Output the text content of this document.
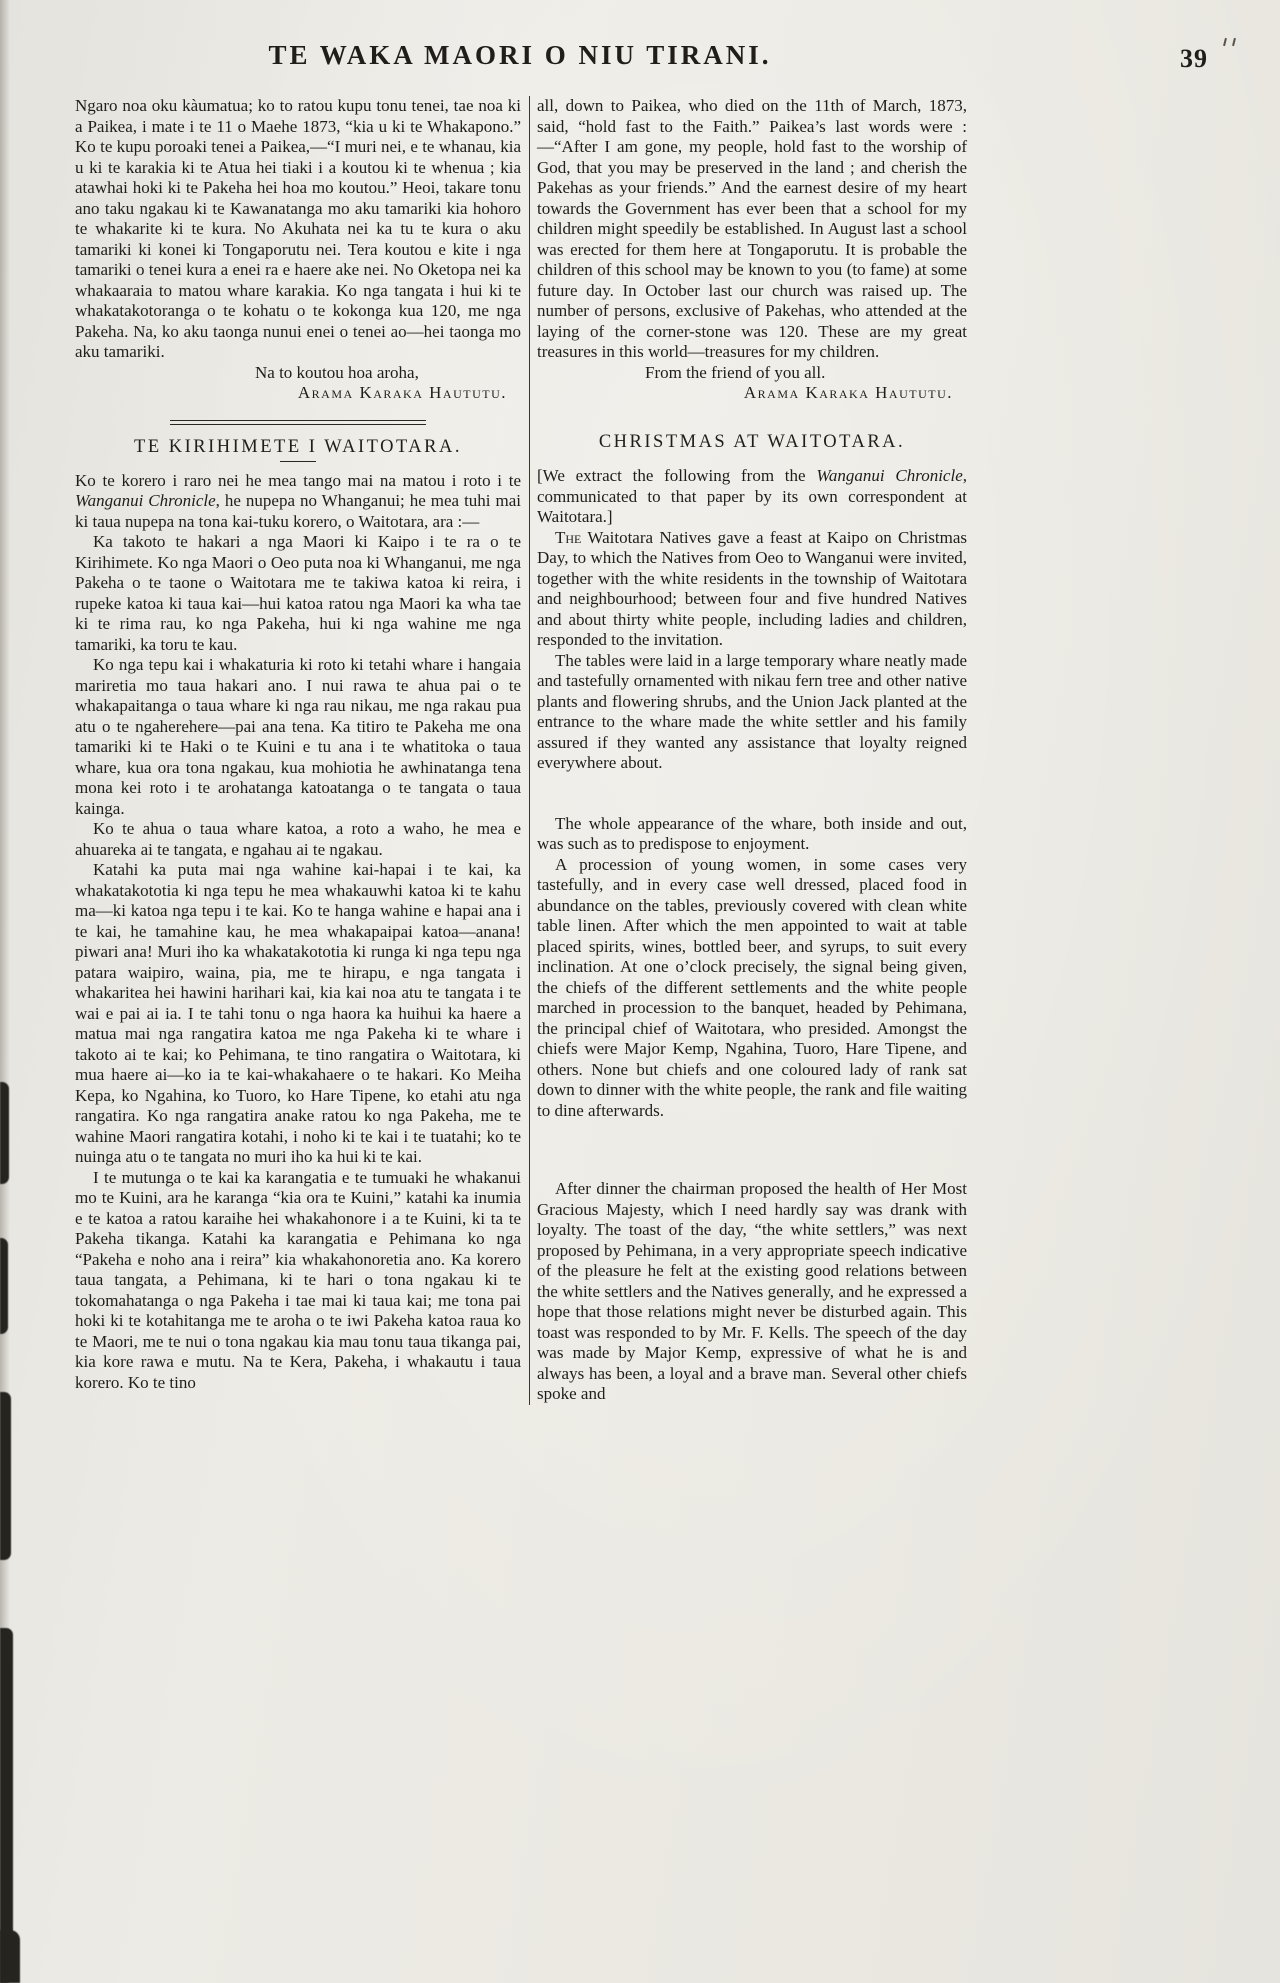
TE WAKA MAORI O NIU TIRANI.	39

Ngaro noa oku kàumatua; ko to ratou kupu tonu tenei, tae noa ki a Paikea, i mate i te 11 o Maehe 1873, “kia u ki te Whakapono.” Ko te kupu poroaki tenei a Paikea,—“I muri nei, e te whanau, kia u ki te karakia ki te Atua hei tiaki i a koutou ki te whenua ; kia atawhai hoki ki te Pakeha hei hoa mo koutou.” Heoi, takare tonu ano taku ngakau ki te Kawanatanga mo aku tamariki kia hohoro te whakarite ki te kura. No Akuhata nei ka tu te kura o aku tamariki ki konei ki Tongaporutu nei. Tera koutou e kite i nga tamariki o tenei kura a enei ra e haere ake nei. No Oketopa nei ka whakaaraia to matou whare karakia. Ko nga tangata i hui ki te whakatakotoranga o te kohatu o te kokonga kua 120, me nga Pakeha. Na, ko aku taonga nunui enei o tenei ao—hei taonga mo aku tamariki.

Na to koutou hoa aroha,

Arama Karaka Haututu.

TE KIRIHIMETE I WAITOTARA.

Ko te korero i raro nei he mea tango mai na matou i roto i te Wanganui Chronicle, he nupepa no Whanganui; he mea tuhi mai ki taua nupepa na tona kai-tuku korero, o Waitotara, ara :—

Ka takoto te hakari a nga Maori ki Kaipo i te ra o te Kirihimete. Ko nga Maori o Oeo puta noa ki Whanganui, me nga Pakeha o te taone o Waitotara me te takiwa katoa ki reira, i rupeke katoa ki taua kai—hui katoa ratou nga Maori ka wha tae ki te rima rau, ko nga Pakeha, hui ki nga wahine me nga tamariki, ka toru te kau.

Ko nga tepu kai i whakaturia ki roto ki tetahi whare i hangaia mariretia mo taua hakari ano. I nui rawa te ahua pai o te whakapaitanga o taua whare ki nga rau nikau, me nga rakau pua atu o te ngaherehere—pai ana tena. Ka titiro te Pakeha me ona tamariki ki te Haki o te Kuini e tu ana i te whatitoka o taua whare, kua ora tona ngakau, kua mohiotia he awhinatanga tena mona kei roto i te arohatanga katoatanga o te tangata o taua kainga.

Ko te ahua o taua whare katoa, a roto a waho, he mea e ahuareka ai te tangata, e ngahau ai te ngakau.

Katahi ka puta mai nga wahine kai-hapai i te kai, ka whakatakototia ki nga tepu he mea whakauwhi katoa ki te kahu ma—ki katoa nga tepu i te kai. Ko te hanga wahine e hapai ana i te kai, he tamahine kau, he mea whakapaipai katoa—anana! piwari ana! Muri iho ka whakatakototia ki runga ki nga tepu nga patara waipiro, waina, pia, me te hirapu, e nga tangata i whakaritea hei hawini harihari kai, kia kai noa atu te tangata i te wai e pai ai ia. I te tahi tonu o nga haora ka huihui ka haere a matua mai nga rangatira katoa me nga Pakeha ki te whare i takoto ai te kai; ko Pehimana, te tino rangatira o Waitotara, ki mua haere ai—ko ia te kai-whakahaere o te hakari. Ko Meiha Kepa, ko Ngahina, ko Tuoro, ko Hare Tipene, ko etahi atu nga rangatira. Ko nga rangatira anake ratou ko nga Pakeha, me te wahine Maori rangatira kotahi, i noho ki te kai i te tuatahi; ko te nuinga atu o te tangata no muri iho ka hui ki te kai.

I te mutunga o te kai ka karangatia e te tumuaki he whakanui mo te Kuini, ara he karanga “kia ora te Kuini,” katahi ka inumia e te katoa a ratou karaihe hei whakahonore i a te Kuini, ki ta te Pakeha tikanga. Katahi ka karangatia e Pehimana ko nga “Pakeha e noho ana i reira” kia whakahonoretia ano. Ka korero taua tangata, a Pehimana, ki te hari o tona ngakau ki te tokomahatanga o nga Pakeha i tae mai ki taua kai; me tona pai hoki ki te kotahitanga me te aroha o te iwi Pakeha katoa raua ko te Maori, me te nui o tona ngakau kia mau tonu taua tikanga pai, kia kore rawa e mutu. Na te Kera, Pakeha, i whakautu i taua korero. Ko te tino

all, down to Paikea, who died on the 11th of March, 1873, said, “hold fast to the Faith.” Paikea’s last words were :—“After I am gone, my people, hold fast to the worship of God, that you may be preserved in the land ; and cherish the Pakehas as your friends.” And the earnest desire of my heart towards the Government has ever been that a school for my children might speedily be established. In August last a school was erected for them here at Tongaporutu. It is probable the children of this school may be known to you (to fame) at some future day. In October last our church was raised up. The number of persons, exclusive of Pakehas, who attended at the laying of the corner-stone was 120. These are my great treasures in this world—treasures for my children.

From the friend of you all.

Arama Karaka Haututu.

CHRISTMAS AT WAITOTARA.

[We extract the following from the Wanganui Chronicle, communicated to that paper by its own correspondent at Waitotara.]

The Waitotara Natives gave a feast at Kaipo on Christmas Day, to which the Natives from Oeo to Wanganui were invited, together with the white residents in the township of Waitotara and neighbourhood; between four and five hundred Natives and about thirty white people, including ladies and children, responded to the invitation.

The tables were laid in a large temporary whare neatly made and tastefully ornamented with nikau fern tree and other native plants and flowering shrubs, and the Union Jack planted at the entrance to the whare made the white settler and his family assured if they wanted any assistance that loyalty reigned everywhere about.

The whole appearance of the whare, both inside and out, was such as to predispose to enjoyment.

A procession of young women, in some cases very tastefully, and in every case well dressed, placed food in abundance on the tables, previously covered with clean white table linen. After which the men appointed to wait at table placed spirits, wines, bottled beer, and syrups, to suit every inclination. At one o’clock precisely, the signal being given, the chiefs of the different settlements and the white people marched in procession to the banquet, headed by Pehimana, the principal chief of Waitotara, who presided. Amongst the chiefs were Major Kemp, Ngahina, Tuoro, Hare Tipene, and others. None but chiefs and one coloured lady of rank sat down to dinner with the white people, the rank and file waiting to dine afterwards.

After dinner the chairman proposed the health of Her Most Gracious Majesty, which I need hardly say was drank with loyalty. The toast of the day, “the white settlers,” was next proposed by Pehimana, in a very appropriate speech indicative of the pleasure he felt at the existing good relations between the white settlers and the Natives generally, and he expressed a hope that those relations might never be disturbed again. This toast was responded to by Mr. F. Kells. The speech of the day was made by Major Kemp, expressive of what he is and always has been, a loyal and a brave man. Several other chiefs spoke and
